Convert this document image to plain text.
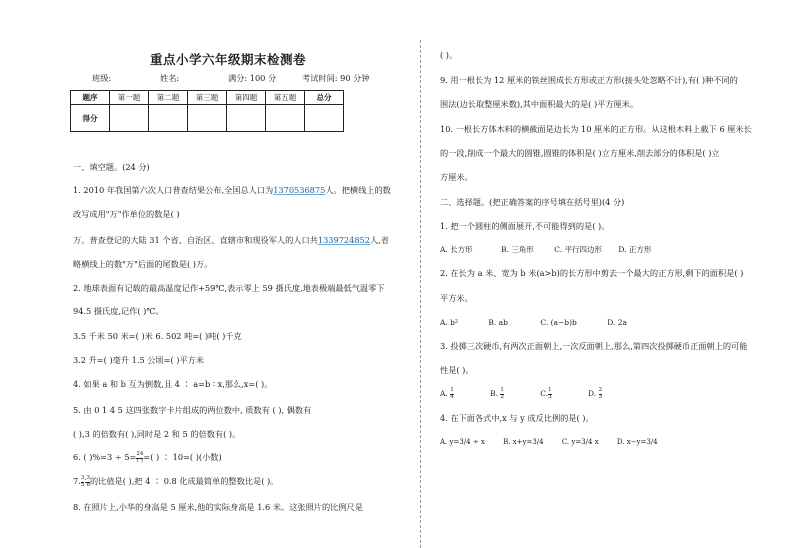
重点小学六年级期末检测卷
班级:	姓名:	满分: 100 分	考试时间: 90 分钟
题序	第一题	第二题	第三题	第四题	第五题	总分
得分						
一、填空题。(24 分)
1. 2010 年我国第六次人口普查结果公布,全国总人口为1370536875人。把横线上的数
改写成用"万"作单位的数是( )
万。普查登记的大陆 31 个省、自治区、直辖市和现役军人的人口共1339724852人,省
略横线上的数"万"后面的尾数是( )万。
2. 地球表面有记载的最高温度记作+59℃,表示零上 59 摄氏度,地表极端最低气温零下
94.5 摄氏度,记作( )℃。
3.5 千米 50 米=( )米 6. 502 吨=( )吨( )千克
3.2 升=( )毫升 1.5 公顷=( )平方米
4. 如果 a 和 b 互为倒数,且 4 ∶ a=b ∶ x,那么,x=( )。
5. 由 0 1 4 5 这四张数字卡片组成的两位数中, 质数有 ( ), 偶数有
( ),3 的倍数有( ),同时是 2 和 5 的倍数有( )。
6. ( )$\%=3 \div 5= \frac{24}{( )}$ =( ) ∶ 10=( )(小数)
7. $\frac{3}{5}$ ∶ $\frac{3}{8}$ 的比值是( ),把 4 ∶ 0.8 化成最简单的整数比是( )。
8. 在照片上,小华的身高是 5 厘米,他的实际身高是 1.6 米。这张照片的比例尺是
( )。
9. 用一根长为 12 厘米的铁丝围成长方形或正方形(接头处忽略不计),有( )种不同的
围法(边长取整厘米数),其中面积最大的是( )平方厘米。
10. 一根长方体木料的横截面是边长为 10 厘米的正方形。从这根木料上截下 6 厘米长
的一段,削成一个最大的圆锥,圆锥的体积是( )立方厘米,削去部分的体积是( )立
方厘米。
二、选择题。(把正确答案的序号填在括号里)(4 分)
1. 把一个圆柱的侧面展开,不可能得到的是( )。
A. 长方形	B. 三角形	C. 平行四边形 D. 正方形
2. 在长为 a 米、宽为 b 米(a>b)的长方形中剪去一个最大的正方形,剩下的面积是( )
平方米。
A. b²	B. ab	C. (a−b)b	D. 2a
3. 投掷三次硬币,有两次正面朝上,一次反面朝上,那么,第四次投掷硬币正面朝上的可能
性是( )。
A. $\frac{1}{4}$	B. $\frac{1}{2}$	C. $\frac{1}{3}$	D. $\frac{2}{3}$
4. 在下面各式中,x 与 y 成反比例的是( )。
A. y=3/4 ÷ x	B. x+y=3/4	C. y=3/4 x	D. x−y=3/4
